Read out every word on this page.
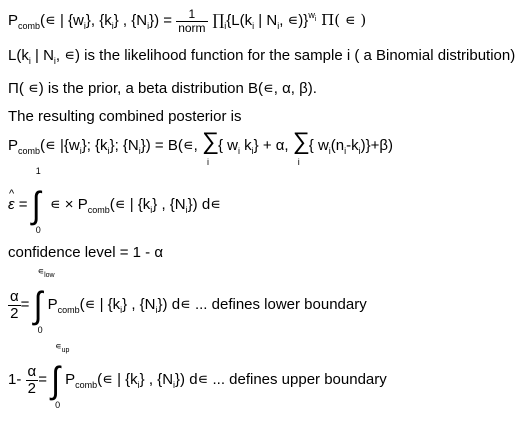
$P_{comb}(∊$ | $\{w_i\}$, $\{k_i\}$ , $\{N_i\}) = \frac{1}{\text{norm}}$ $\prod_i\{L(k_i$ | $N_i$, ∊)}$^{w_i}$ Π( ∊ )
$L(k_i$ | $N_i$, ∊) is the likelihood function for the sample i ( a Binomial distribution)
Π( ∊) is the prior, a beta distribution B(∊, α, β).
The resulting combined posterior is
$P_{comb}(∊$ $|\{w_i\}$; $\{k_i\}$; $\{N_i\}$) = B(∊, ∑
i
{ $w_i$ $k_i\} + \alpha$, ∑
i
{ $w_i(n_i-k_i)\}+\beta$)
^ ε =
1
∫
0
∊ × $P_{comb}(∊$ | $\{k_i\}$ , $\{N_i\}$) d∊
confidence level = 1 - α
$\frac{\alpha}{2}$ =
$∊_{low}$
∫
0
$P_{comb}(∊$ | $\{k_i\}$ , $\{N_i\}$) d∊ ... defines lower boundary
$1- \frac{\alpha}{2}$ =
$∊_{up}$
∫
0
$P_{comb}(∊$ | $\{k_i\}$ , $\{N_i\}$) d∊ ... defines upper boundary
